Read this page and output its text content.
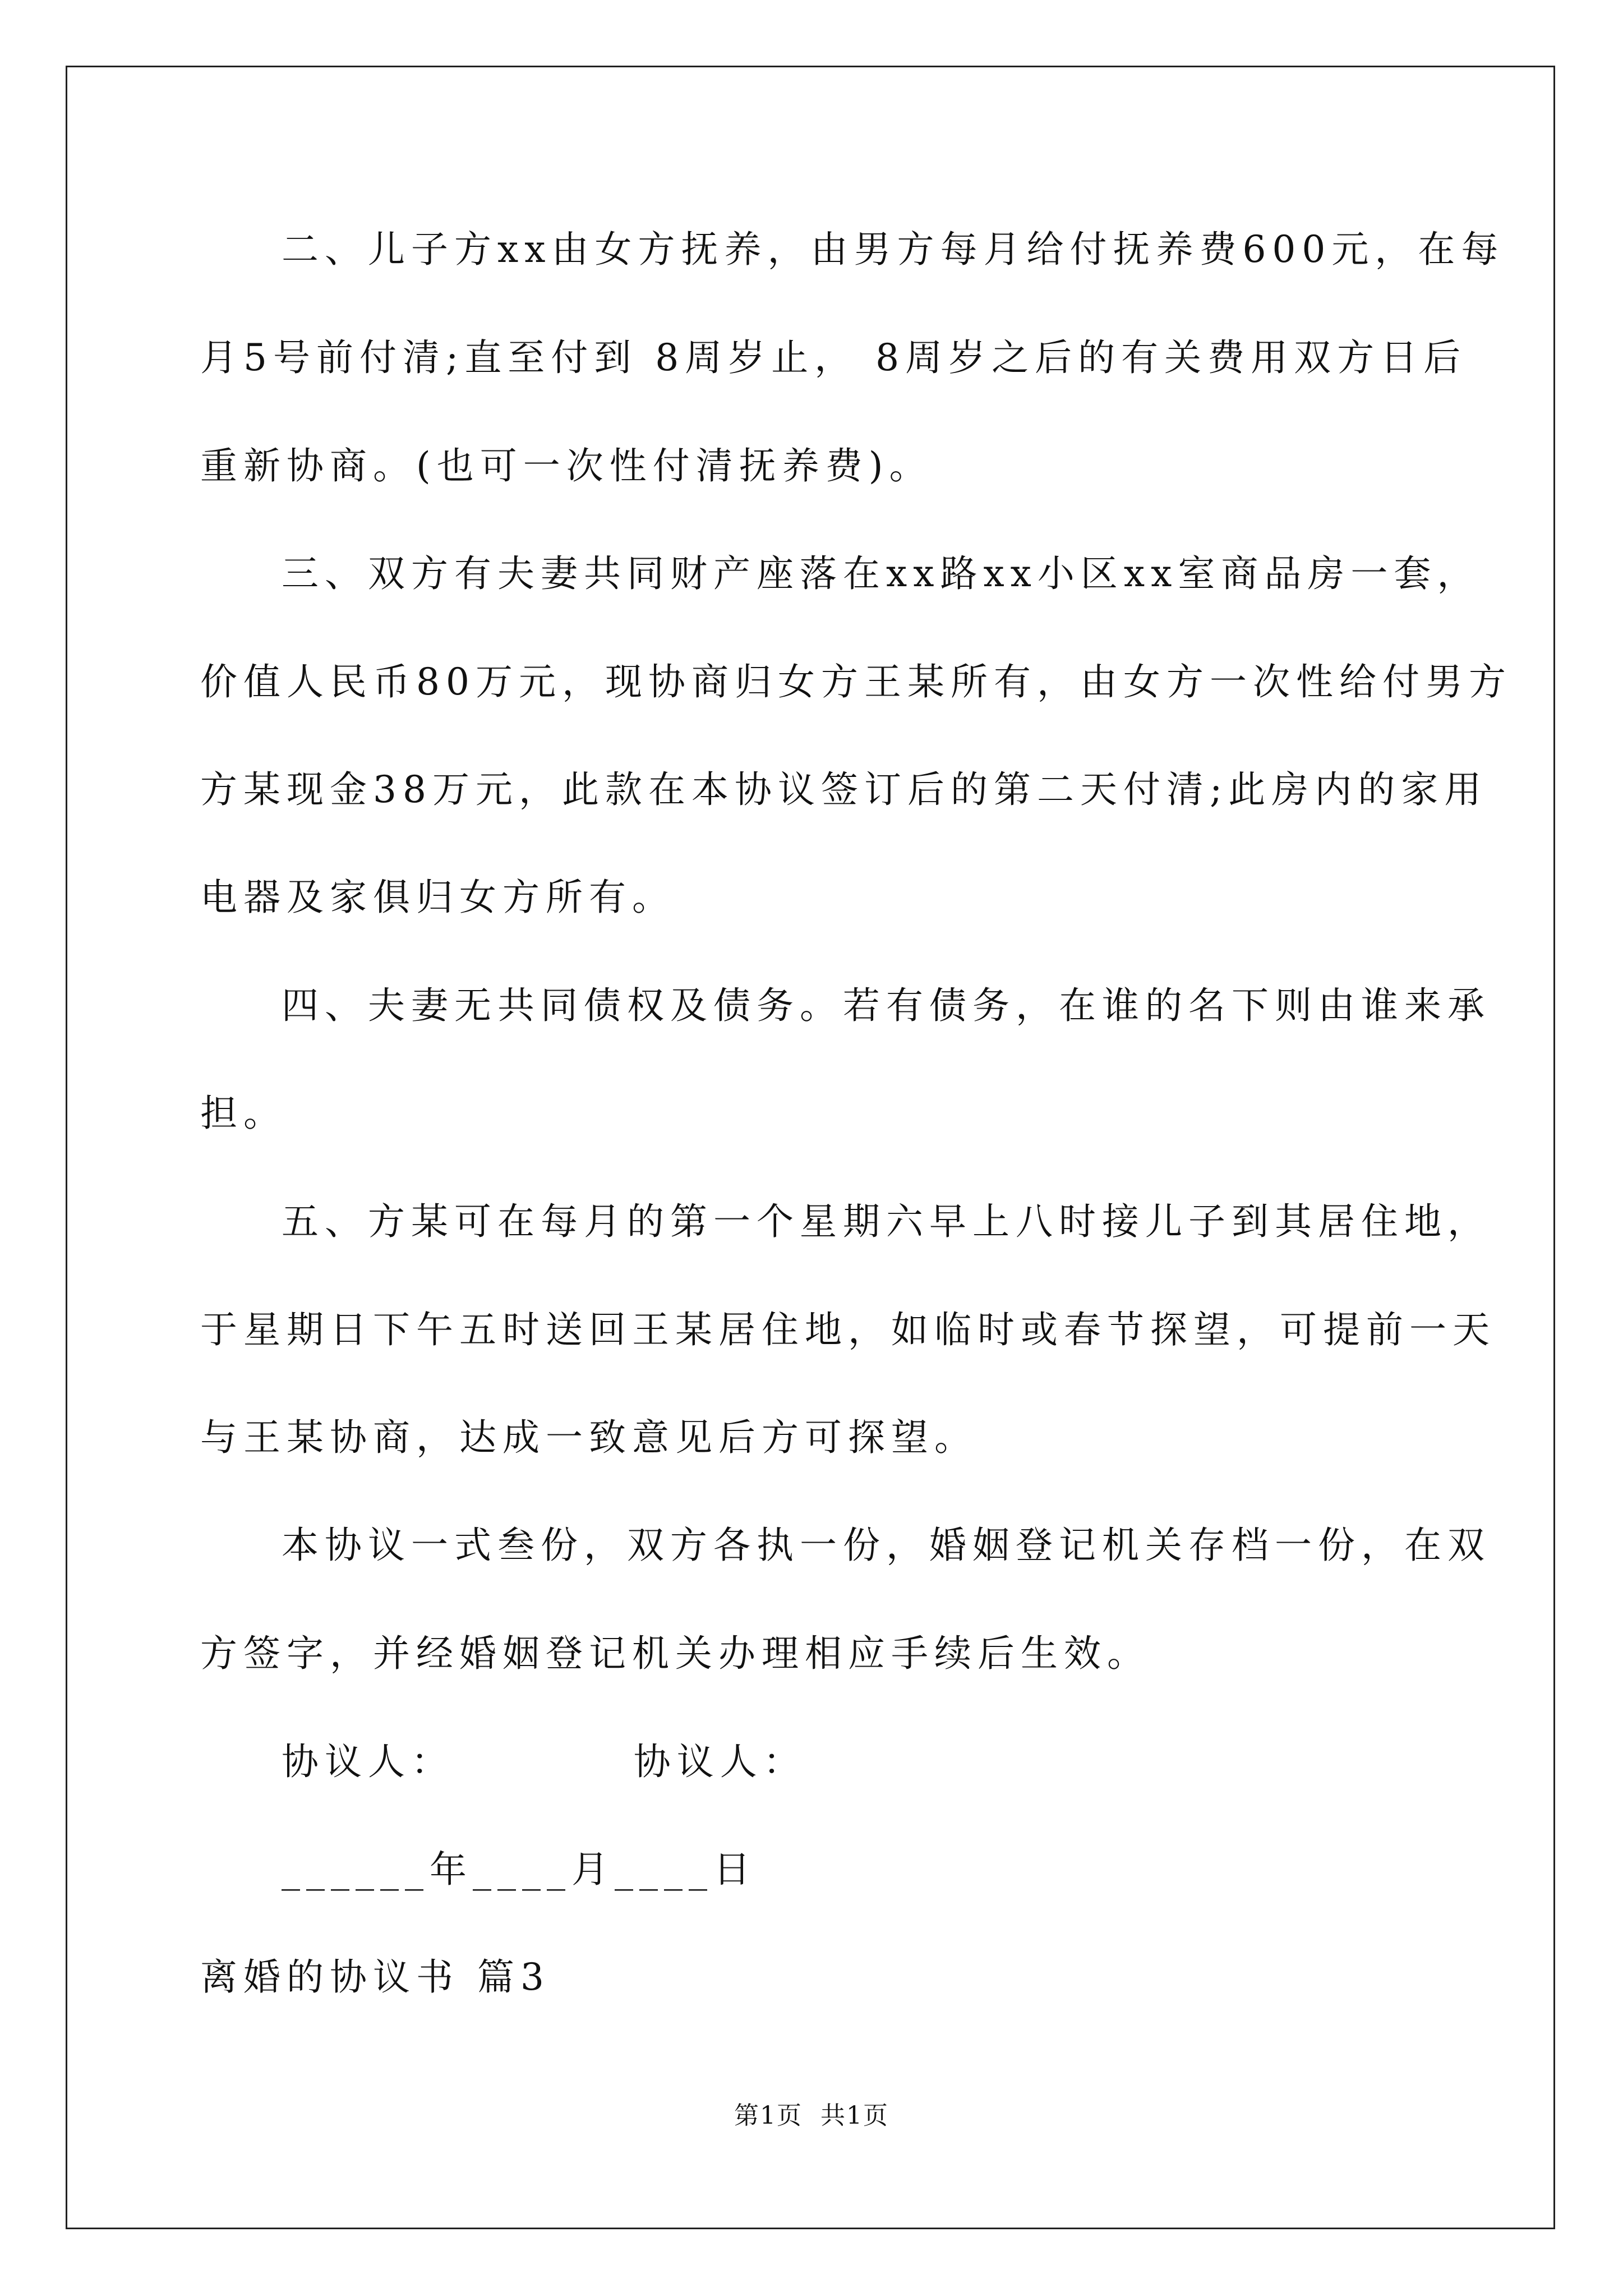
二、儿子方xx由女方抚养，由男方每月给付抚养费600元，在每
月5号前付清;直至付到 8周岁止， 8周岁之后的有关费用双方日后
重新协商。(也可一次性付清抚养费)。
三、双方有夫妻共同财产座落在xx路xx小区xx室商品房一套，
价值人民币80万元，现协商归女方王某所有，由女方一次性给付男方
方某现金38万元，此款在本协议签订后的第二天付清;此房内的家用
电器及家俱归女方所有。
四、夫妻无共同债权及债务。若有债务，在谁的名下则由谁来承
担。
五、方某可在每月的第一个星期六早上八时接儿子到其居住地，
于星期日下午五时送回王某居住地，如临时或春节探望，可提前一天
与王某协商，达成一致意见后方可探望。
本协议一式叁份，双方各执一份，婚姻登记机关存档一份，在双
方签字，并经婚姻登记机关办理相应手续后生效。
协议人：          协议人：
______年____月____日
离婚的协议书 篇3
第1页  共1页
